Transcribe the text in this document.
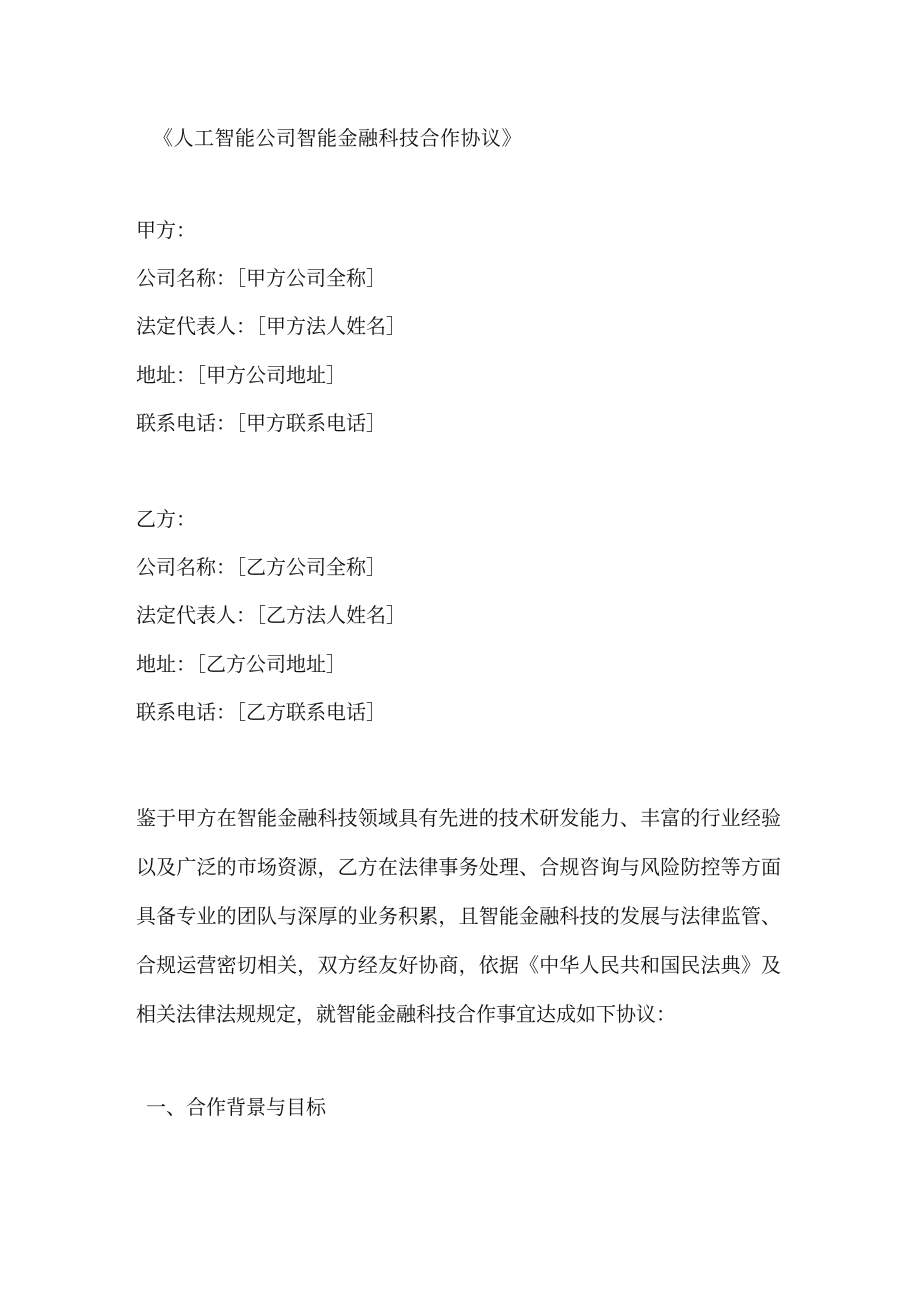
《人工智能公司智能金融科技合作协议》
甲方：
公司名称：［甲方公司全称］
法定代表人：［甲方法人姓名］
地址：［甲方公司地址］
联系电话：［甲方联系电话］
乙方：
公司名称：［乙方公司全称］
法定代表人：［乙方法人姓名］
地址：［乙方公司地址］
联系电话：［乙方联系电话］

鉴于甲方在智能金融科技领域具有先进的技术研发能力、丰富的行业经验
以及广泛的市场资源，乙方在法律事务处理、合规咨询与风险防控等方面
具备专业的团队与深厚的业务积累，且智能金融科技的发展与法律监管、
合规运营密切相关，双方经友好协商，依据《中华人民共和国民法典》及
相关法律法规规定，就智能金融科技合作事宜达成如下协议：

一、合作背景与目标
